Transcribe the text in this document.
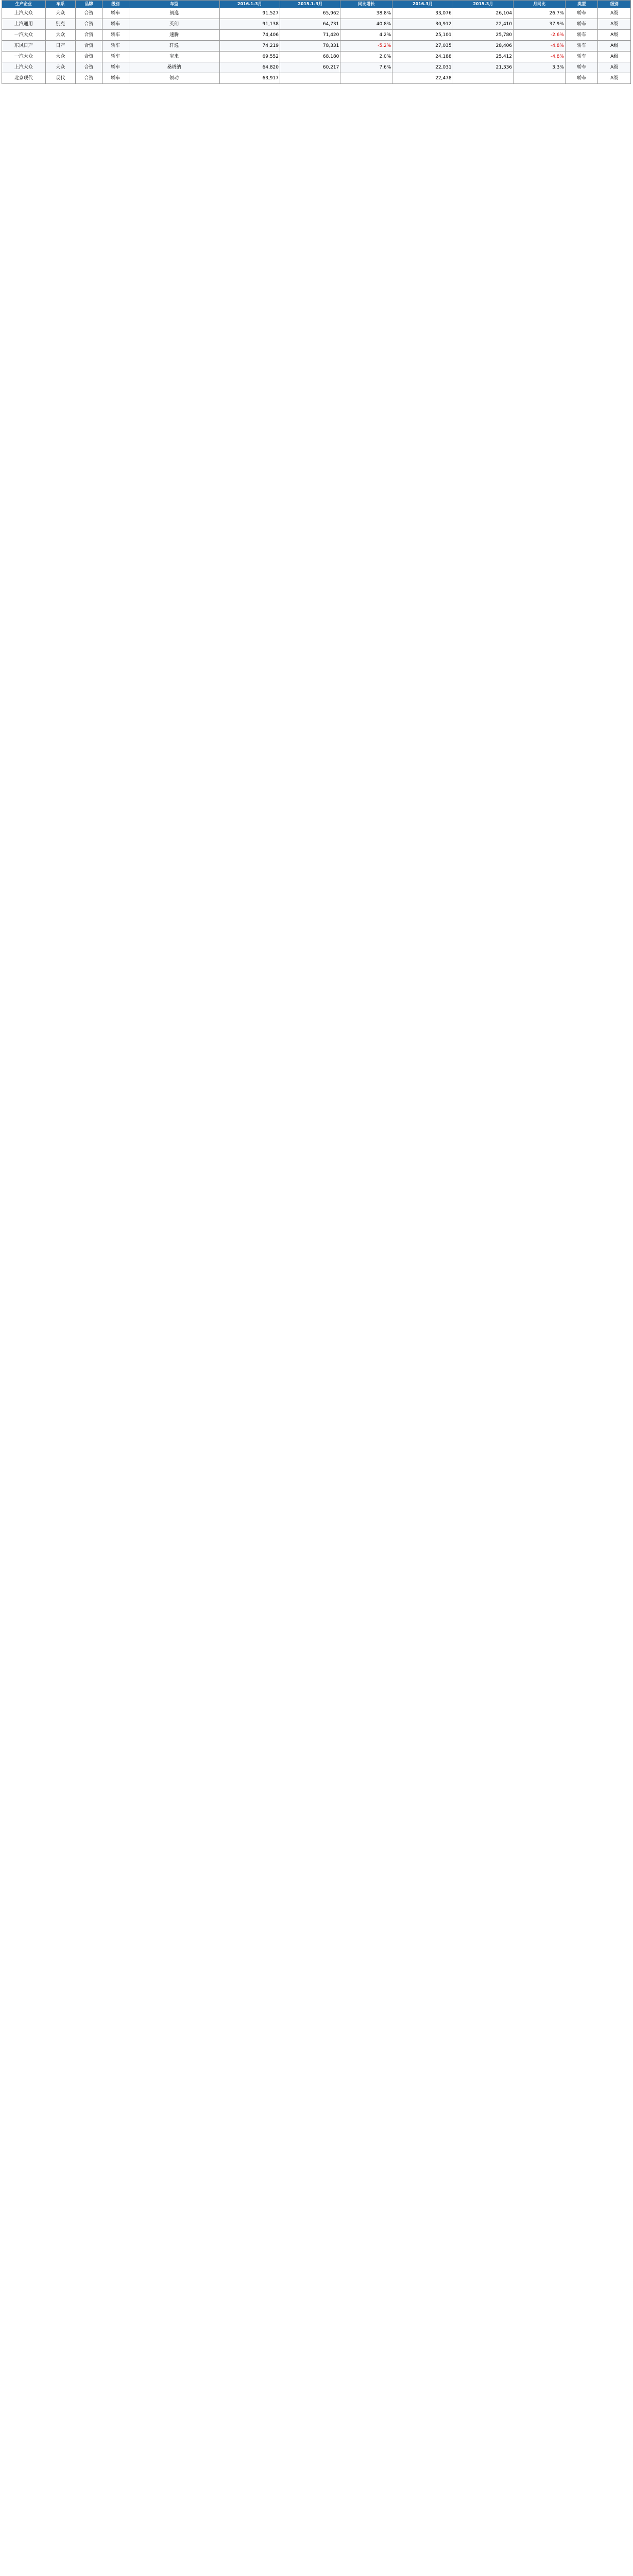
生产企业	车系	品牌	级别	车型	2016.1-3月	2015.1-3月	同比增长	2016.3月	2015.3月	月同比	类型	级别
上汽大众	大众	合资	轿车	朗逸	91,527	65,962	38.8%	33,076	26,104	26.7%	轿车	A级
上汽通用	别克	合资	轿车	英朗	91,138	64,731	40.8%	30,912	22,410	37.9%	轿车	A级
一汽大众	大众	合资	轿车	速腾	74,406	71,420	4.2%	25,101	25,780	-2.6%	轿车	A级
东风日产	日产	合资	轿车	轩逸	74,219	78,331	-5.2%	27,035	28,406	-4.8%	轿车	A级
一汽大众	大众	合资	轿车	宝来	69,552	68,180	2.0%	24,188	25,412	-4.8%	轿车	A级
上汽大众	大众	合资	轿车	桑塔纳	64,820	60,217	7.6%	22,031	21,336	3.3%	轿车	A级
北京现代	现代	合资	轿车	领动	63,917			22,478			轿车	A级
